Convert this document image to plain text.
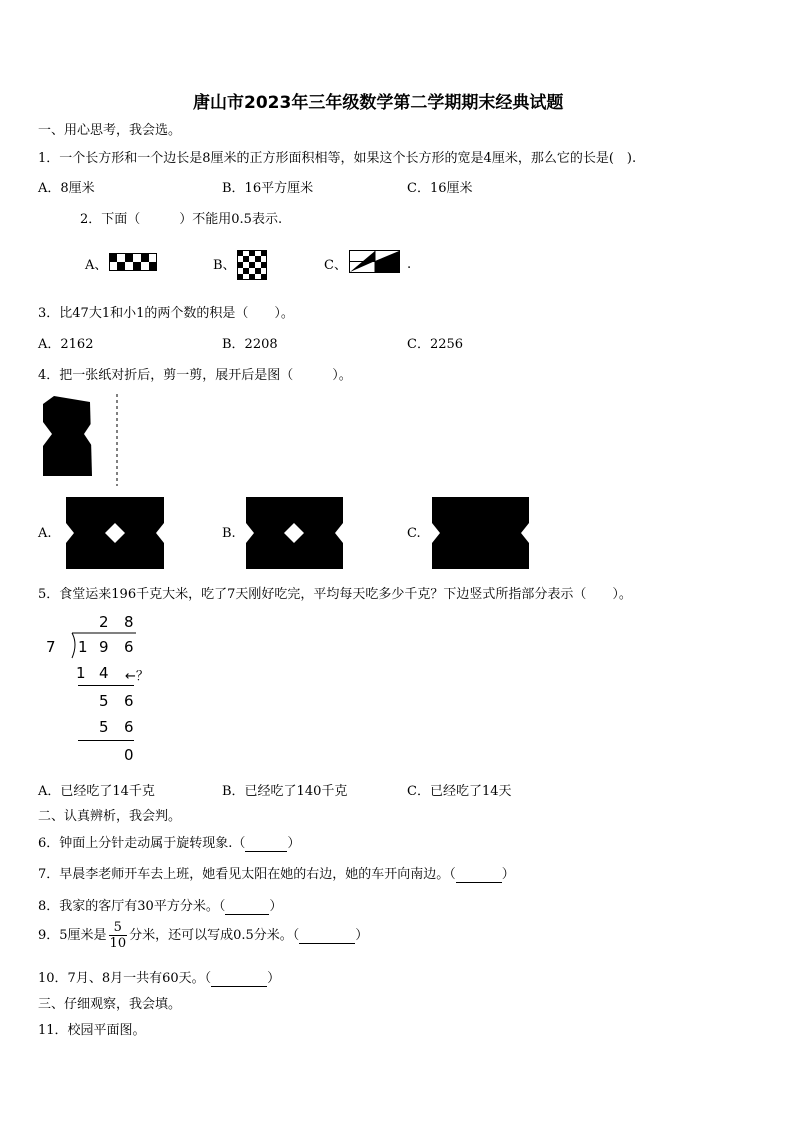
唐山市2023年三年级数学第二学期期末经典试题
一、用心思考，我会选。
1．一个长方形和一个边长是8厘米的正方形面积相等，如果这个长方形的宽是4厘米，那么它的长是(　).
A．8厘米	B．16平方厘米	C．16厘米
2．下面（　　　）不能用0.5表示.
A、	B、	C、	.
3．比47大1和小1的两个数的积是（　　）。
A．2162	B．2208	C．2256
4．把一张纸对折后，剪一剪，展开后是图（　　　）。
A.	B.	C.
5．食堂运来196千克大米，吃了7天刚好吃完，平均每天吃多少千克？下边竖式所指部分表示（　　）。
2 8
7 1 9 6
1 4 ←？
5 6
5 6
0
A．已经吃了14千克	B．已经吃了140千克	C．已经吃了14天
二、认真辨析，我会判。
6．钟面上分针走动属于旋转现象.（	）
7．早晨李老师开车去上班，她看见太阳在她的右边，她的车开向南边。（	）
8．我家的客厅有30平方分米。（	）
9．5厘米是 $\frac{5}{10}$ 分米，还可以写成0.5分米。（	）
10．7月、8月一共有60天。（	）
三、仔细观察，我会填。
11．校园平面图。
